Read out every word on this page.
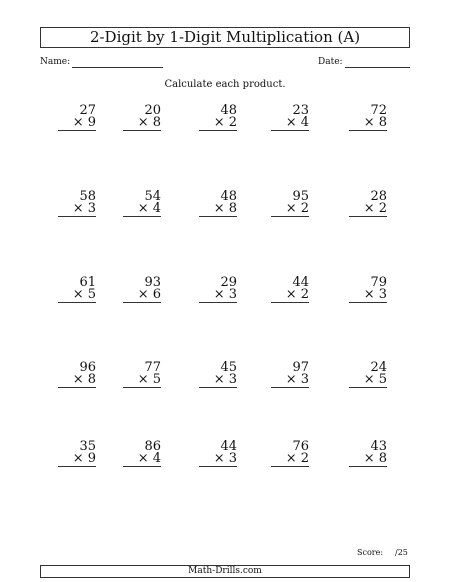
2-Digit by 1-Digit Multiplication (A)
Name:	Date:
Calculate each product.
27
× 9
20
× 8
48
× 2
23
× 4
72
× 8
58
× 3
54
× 4
48
× 8
95
× 2
28
× 2
61
× 5
93
× 6
29
× 3
44
× 2
79
× 3
96
× 8
77
× 5
45
× 3
97
× 3
24
× 5
35
× 9
86
× 4
44
× 3
76
× 2
43
× 8
Score: /25
Math-Drills.com
